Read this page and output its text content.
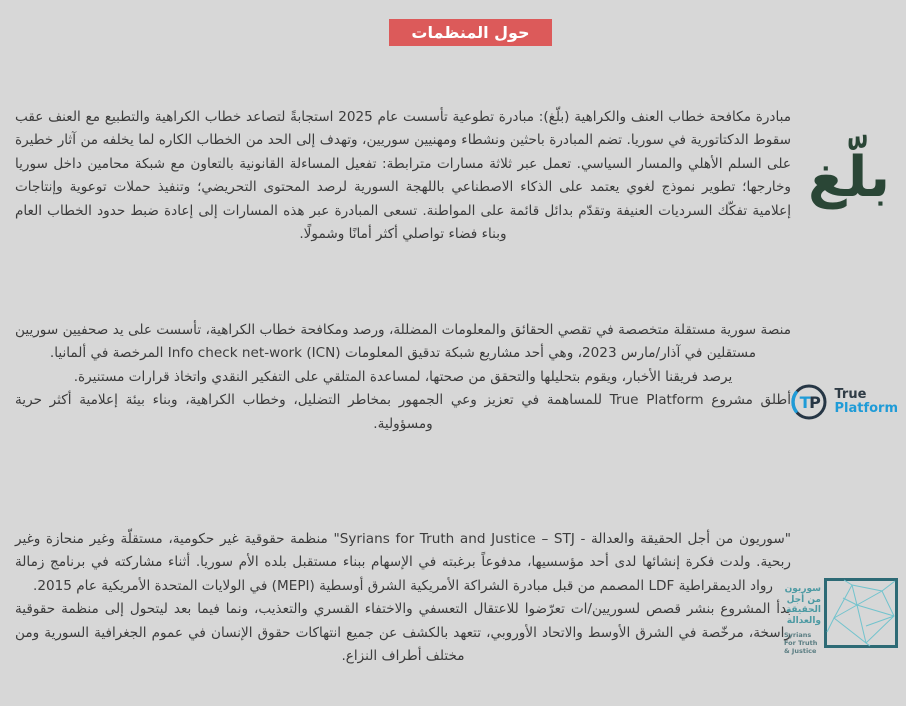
حول المنظمات

مبادرة مكافحة خطاب العنف والكراهية (بلّغ): مبادرة تطوعية تأسست عام 2025 استجابةً لتصاعد خطاب الكراهية والتطبيع مع العنف عقب سقوط الدكتاتورية في سوريا. تضم المبادرة باحثين ونشطاء ومهنيين سوريين، وتهدف إلى الحد من الخطاب الكاره لما يخلفه من آثار خطيرة على السلم الأهلي والمسار السياسي. تعمل عبر ثلاثة مسارات مترابطة: تفعيل المساءلة القانونية بالتعاون مع شبكة محامين داخل سوريا وخارجها؛ تطوير نموذج لغوي يعتمد على الذكاء الاصطناعي باللهجة السورية لرصد المحتوى التحريضي؛ وتنفيذ حملات توعوية وإنتاجات إعلامية تفكّك السرديات العنيفة وتقدّم بدائل قائمة على المواطنة. تسعى المبادرة عبر هذه المسارات إلى إعادة ضبط حدود الخطاب العام وبناء فضاء تواصلي أكثر أمانًا وشمولًا.

بلّغ

منصة سورية مستقلة متخصصة في تقصي الحقائق والمعلومات المضللة، ورصد ومكافحة خطاب الكراهية، تأسست على يد صحفيين سوريين مستقلين في آذار/مارس 2023، وهي أحد مشاريع شبكة تدقيق المعلومات Info check net-work (ICN) المرخصة في ألمانيا.

يرصد فريقنا الأخبار، ويقوم بتحليلها والتحقق من صحتها، لمساعدة المتلقي على التفكير النقدي واتخاذ قرارات مستنيرة.

أطلق مشروع True Platform للمساهمة في تعزيز وعي الجمهور بمخاطر التضليل، وخطاب الكراهية، وبناء بيئة إعلامية أكثر حرية ومسؤولية.

T P True
Platform

"سوريون من أجل الحقيقة والعدالة - Syrians for Truth and Justice – STJ" منظمة حقوقية غير حكومية، مستقلّة وغير منحازة وغير ربحية. ولدت فكرة إنشائها لدى أحد مؤسسيها، مدفوعاً برغبته في الإسهام ببناء مستقبل بلده الأم سوريا. أثناء مشاركته في برنامج زمالة رواد الديمقراطية LDF المصمم من قبل مبادرة الشراكة الأمريكية الشرق أوسطية (MEPI) في الولايات المتحدة الأمريكية عام 2015.

بدأ المشروع بنشر قصص لسوريين/ات تعرّضوا للاعتقال التعسفي والاختفاء القسري والتعذيب، ونما فيما بعد ليتحول إلى منظمة حقوقية راسخة، مرخّصة في الشرق الأوسط والاتحاد الأوروبي، تتعهد بالكشف عن جميع انتهاكات حقوق الإنسان في عموم الجغرافية السورية ومن مختلف أطراف النزاع.

سوريون
من أجل
الحقيقة
والعدالة
Syrians
For Truth
& Justice
